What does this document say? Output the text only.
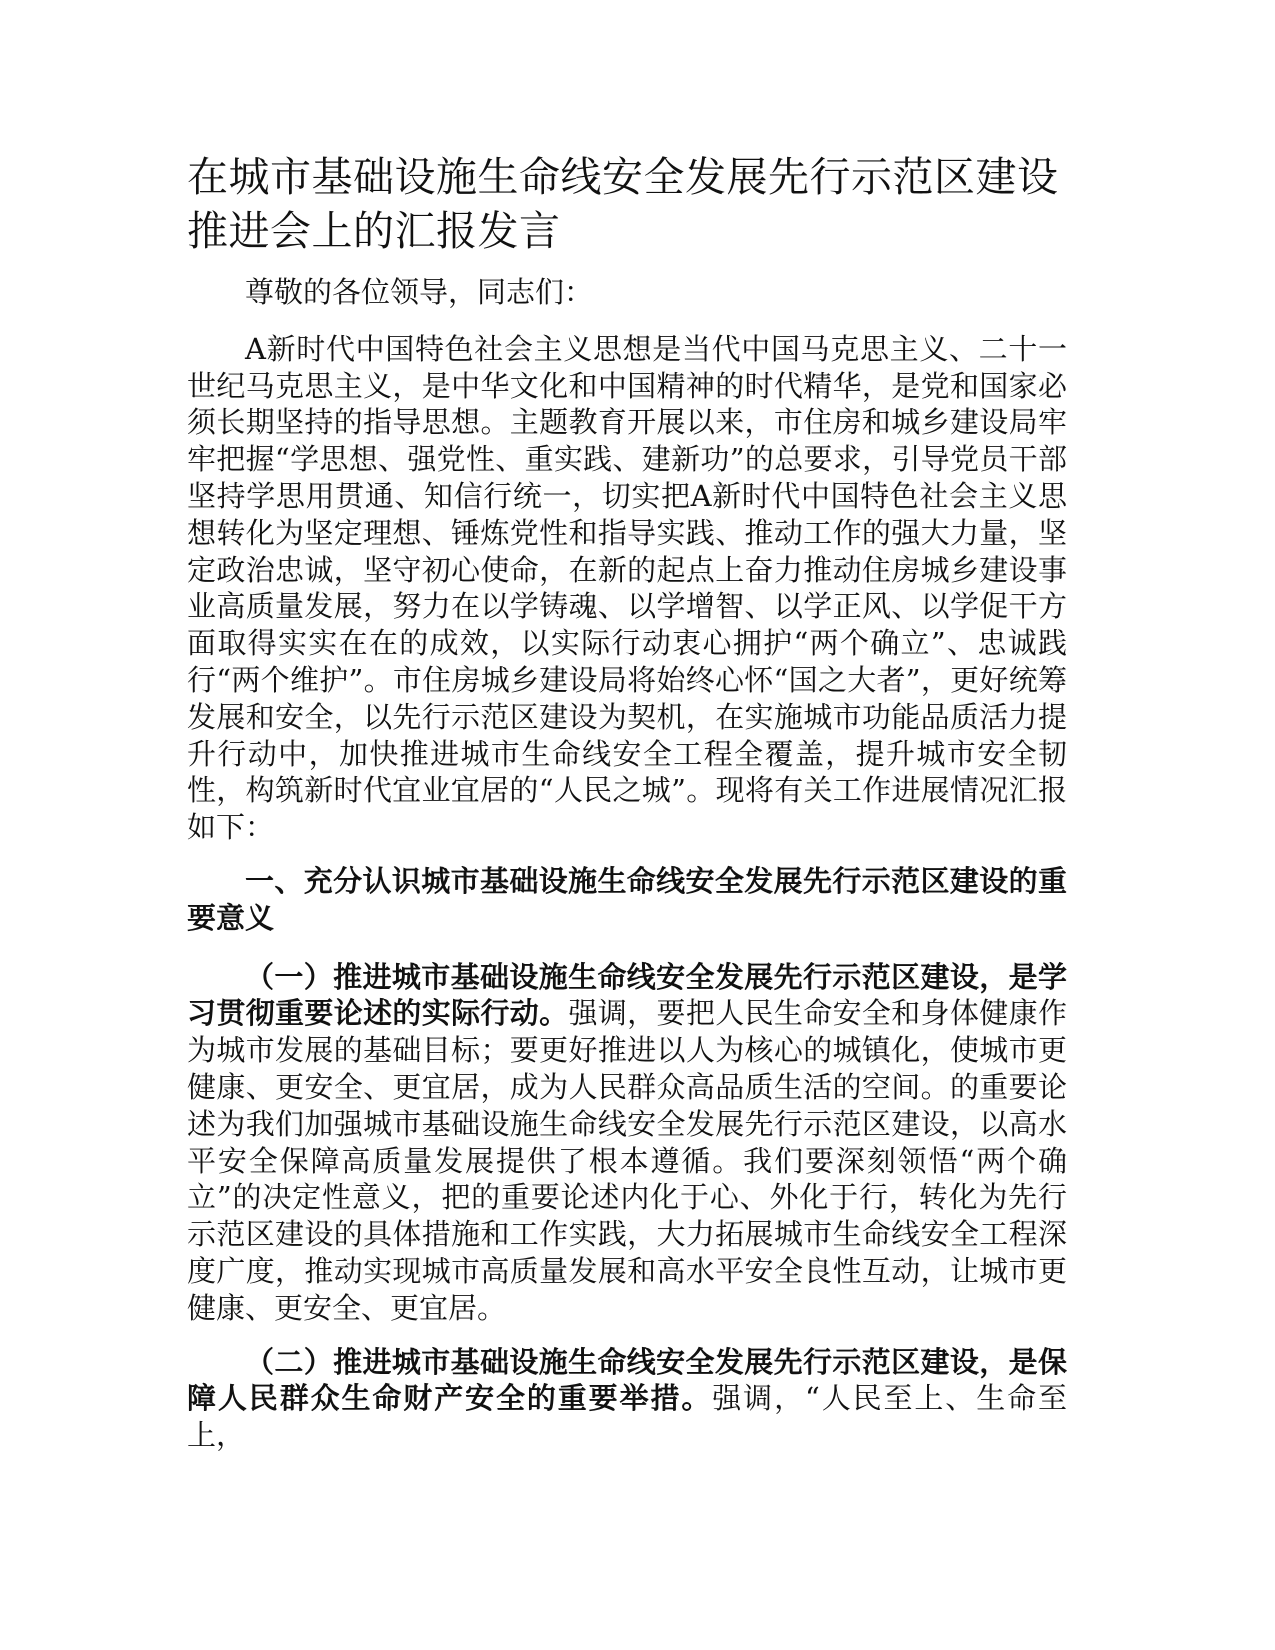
在城市基础设施生命线安全发展先行示范区建设推进会上的汇报发言

尊敬的各位领导，同志们：

A新时代中国特色社会主义思想是当代中国马克思主义、二十一世纪马克思主义，是中华文化和中国精神的时代精华，是党和国家必须长期坚持的指导思想。主题教育开展以来，市住房和城乡建设局牢牢把握“学思想、强党性、重实践、建新功”的总要求，引导党员干部坚持学思用贯通、知信行统一，切实把A新时代中国特色社会主义思想转化为坚定理想、锤炼党性和指导实践、推动工作的强大力量，坚定政治忠诚，坚守初心使命，在新的起点上奋力推动住房城乡建设事业高质量发展，努力在以学铸魂、以学增智、以学正风、以学促干方面取得实实在在的成效，以实际行动衷心拥护“两个确立”、忠诚践行“两个维护”。市住房城乡建设局将始终心怀“国之大者”，更好统筹发展和安全，以先行示范区建设为契机，在实施城市功能品质活力提升行动中，加快推进城市生命线安全工程全覆盖，提升城市安全韧性，构筑新时代宜业宜居的“人民之城”。现将有关工作进展情况汇报如下：

一、充分认识城市基础设施生命线安全发展先行示范区建设的重要意义

（一）推进城市基础设施生命线安全发展先行示范区建设，是学习贯彻重要论述的实际行动。强调，要把人民生命安全和身体健康作为城市发展的基础目标；要更好推进以人为核心的城镇化，使城市更健康、更安全、更宜居，成为人民群众高品质生活的空间。的重要论述为我们加强城市基础设施生命线安全发展先行示范区建设，以高水平安全保障高质量发展提供了根本遵循。我们要深刻领悟“两个确立”的决定性意义，把的重要论述内化于心、外化于行，转化为先行示范区建设的具体措施和工作实践，大力拓展城市生命线安全工程深度广度，推动实现城市高质量发展和高水平安全良性互动，让城市更健康、更安全、更宜居。

（二）推进城市基础设施生命线安全发展先行示范区建设，是保障人民群众生命财产安全的重要举措。强调，“人民至上、生命至上，
